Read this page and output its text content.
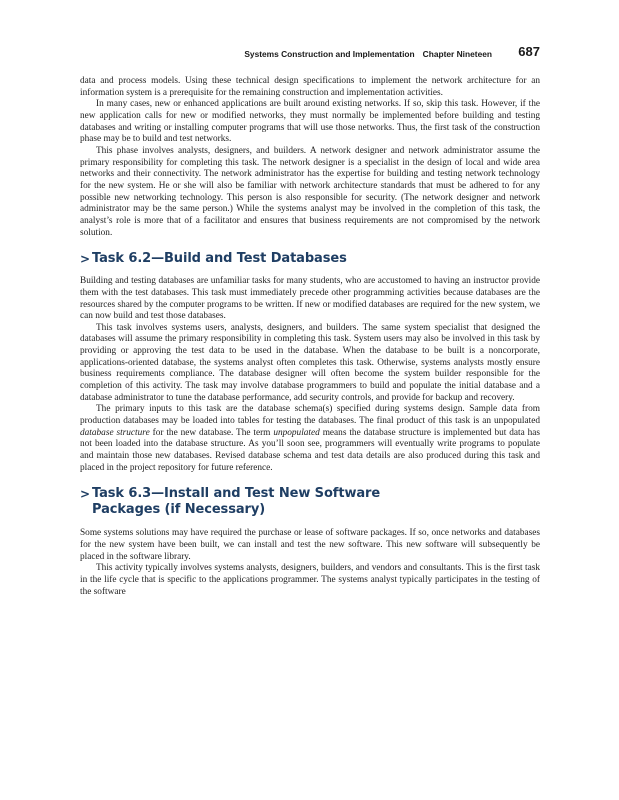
Systems Construction and Implementation Chapter Nineteen 687

data and process models. Using these technical design specifications to implement the network architecture for an information system is a prerequisite for the remaining construction and implementation activities.

In many cases, new or enhanced applications are built around existing networks. If so, skip this task. However, if the new application calls for new or modified networks, they must normally be implemented before building and testing databases and writing or installing computer programs that will use those networks. Thus, the first task of the construction phase may be to build and test networks.

This phase involves analysts, designers, and builders. A network designer and network administrator assume the primary responsibility for completing this task. The network designer is a specialist in the design of local and wide area networks and their connectivity. The network administrator has the expertise for building and testing network technology for the new system. He or she will also be familiar with network architecture standards that must be adhered to for any possible new networking technology. This person is also responsible for security. (The network designer and network administrator may be the same person.) While the systems analyst may be involved in the completion of this task, the analyst’s role is more that of a facilitator and ensures that business requirements are not compromised by the network solution.

> Task 6.2—Build and Test Databases

Building and testing databases are unfamiliar tasks for many students, who are accustomed to having an instructor provide them with the test databases. This task must immediately precede other programming activities because databases are the resources shared by the computer programs to be written. If new or modified databases are required for the new system, we can now build and test those databases.

This task involves systems users, analysts, designers, and builders. The same system specialist that designed the databases will assume the primary responsibility in completing this task. System users may also be involved in this task by providing or approving the test data to be used in the database. When the database to be built is a noncorporate, applications-oriented database, the systems analyst often completes this task. Otherwise, systems analysts mostly ensure business requirements compliance. The database designer will often become the system builder responsible for the completion of this activity. The task may involve database programmers to build and populate the initial database and a database administrator to tune the database performance, add security controls, and provide for backup and recovery.

The primary inputs to this task are the database schema(s) specified during systems design. Sample data from production databases may be loaded into tables for testing the databases. The final product of this task is an unpopulated database structure for the new database. The term unpopulated means the database structure is implemented but data has not been loaded into the database structure. As you’ll soon see, programmers will eventually write programs to populate and maintain those new databases. Revised database schema and test data details are also produced during this task and placed in the project repository for future reference.

> Task 6.3—Install and Test New Software
Packages (if Necessary)

Some systems solutions may have required the purchase or lease of software packages. If so, once networks and databases for the new system have been built, we can install and test the new software. This new software will subsequently be placed in the software library.

This activity typically involves systems analysts, designers, builders, and vendors and consultants. This is the first task in the life cycle that is specific to the applications programmer. The systems analyst typically participates in the testing of the software
